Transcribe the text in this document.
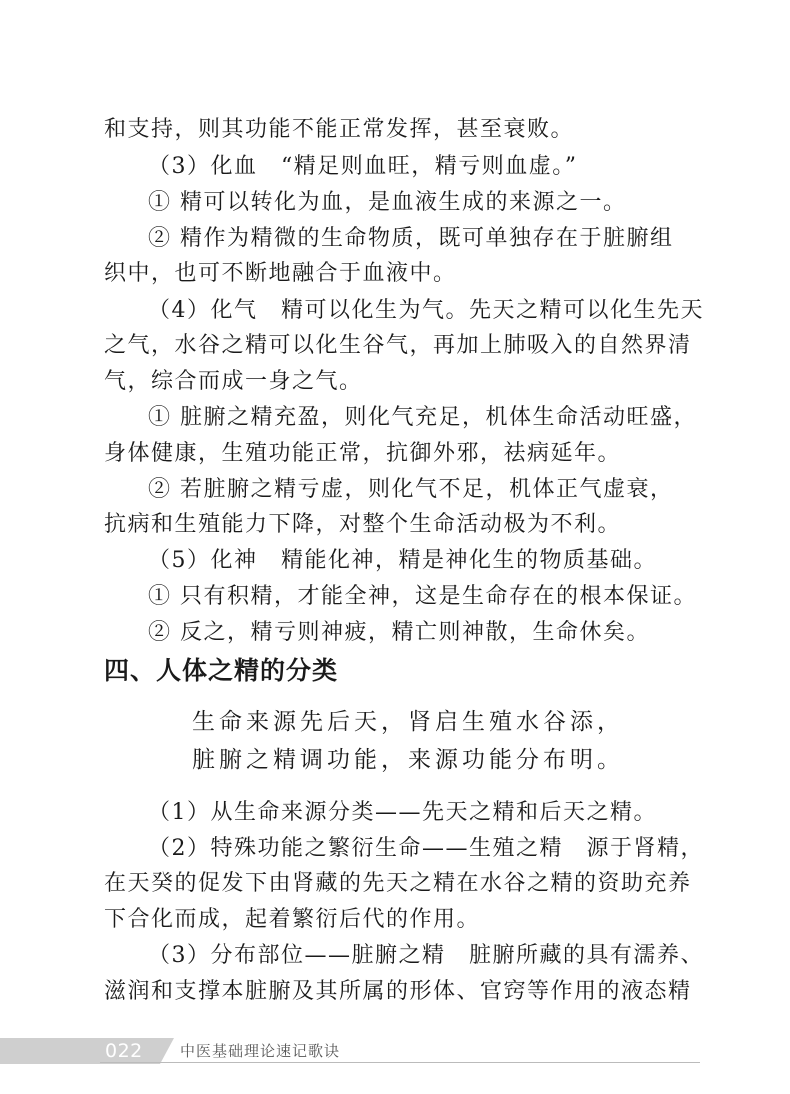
和支持，则其功能不能正常发挥，甚至衰败。
（3）化血　“精足则血旺，精亏则血虚。”
① 精可以转化为血，是血液生成的来源之一。
② 精作为精微的生命物质，既可单独存在于脏腑组
织中，也可不断地融合于血液中。
（4）化气　精可以化生为气。先天之精可以化生先天
之气，水谷之精可以化生谷气，再加上肺吸入的自然界清
气，综合而成一身之气。
① 脏腑之精充盈，则化气充足，机体生命活动旺盛，
身体健康，生殖功能正常，抗御外邪，祛病延年。
② 若脏腑之精亏虚，则化气不足，机体正气虚衰，
抗病和生殖能力下降，对整个生命活动极为不利。
（5）化神　精能化神，精是神化生的物质基础。
① 只有积精，才能全神，这是生命存在的根本保证。
② 反之，精亏则神疲，精亡则神散，生命休矣。
四、人体之精的分类
生命来源先后天，肾启生殖水谷添，
脏腑之精调功能，来源功能分布明。
（1）从生命来源分类——先天之精和后天之精。
（2）特殊功能之繁衍生命——生殖之精　源于肾精，
在天癸的促发下由肾藏的先天之精在水谷之精的资助充养
下合化而成，起着繁衍后代的作用。
（3）分布部位——脏腑之精　脏腑所藏的具有濡养、
滋润和支撑本脏腑及其所属的形体、官窍等作用的液态精
022 中医基础理论速记歌诀
